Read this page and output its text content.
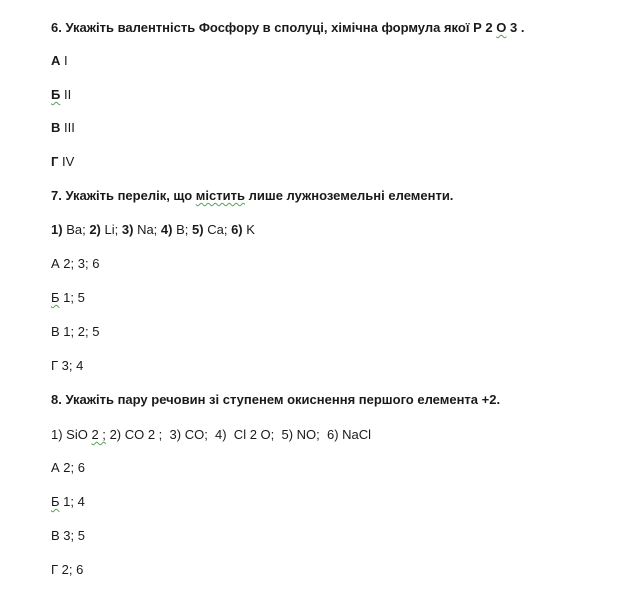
6. Укажіть валентність Фосфору в сполуці, хімічна формула якої Р 2 О 3 .
А I
Б II
В III
Г IV
7. Укажіть перелік, що містить лише лужноземельні елементи.
1) Ba; 2) Li; 3) Na; 4) B; 5) Ca; 6) K
А 2; 3; 6
Б 1; 5
В 1; 2; 5
Г 3; 4
8. Укажіть пару речовин зі ступенем окиснення першого елемента +2.
1) SiO 2 ; 2) CO 2 ;  3) CO;  4)  Cl 2 O;  5) NO;  6) NaCl
А 2; 6
Б 1; 4
В 3; 5
Г 2; 6
